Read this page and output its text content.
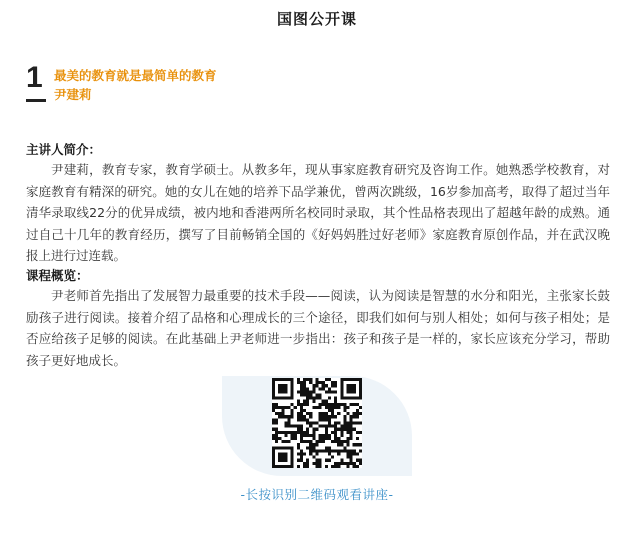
国图公开课
1 最美的教育就是最简单的教育
尹建莉
主讲人简介：

尹建莉，教育专家，教育学硕士。从教多年，现从事家庭教育研究及咨询工作。她熟悉学校教育，对家庭教育有精深的研究。她的女儿在她的培养下品学兼优，曾两次跳级，16岁参加高考，取得了超过当年清华录取线22分的优异成绩，被内地和香港两所名校同时录取，其个性品格表现出了超越年龄的成熟。通过自己十几年的教育经历，撰写了目前畅销全国的《好妈妈胜过好老师》家庭教育原创作品，并在武汉晚报上进行过连载。

课程概览：

尹老师首先指出了发展智力最重要的技术手段——阅读，认为阅读是智慧的水分和阳光，主张家长鼓励孩子进行阅读。接着介绍了品格和心理成长的三个途径，即我们如何与别人相处；如何与孩子相处；是否应给孩子足够的阅读。在此基础上尹老师进一步指出：孩子和孩子是一样的，家长应该充分学习，帮助孩子更好地成长。

-长按识别二维码观看讲座-
